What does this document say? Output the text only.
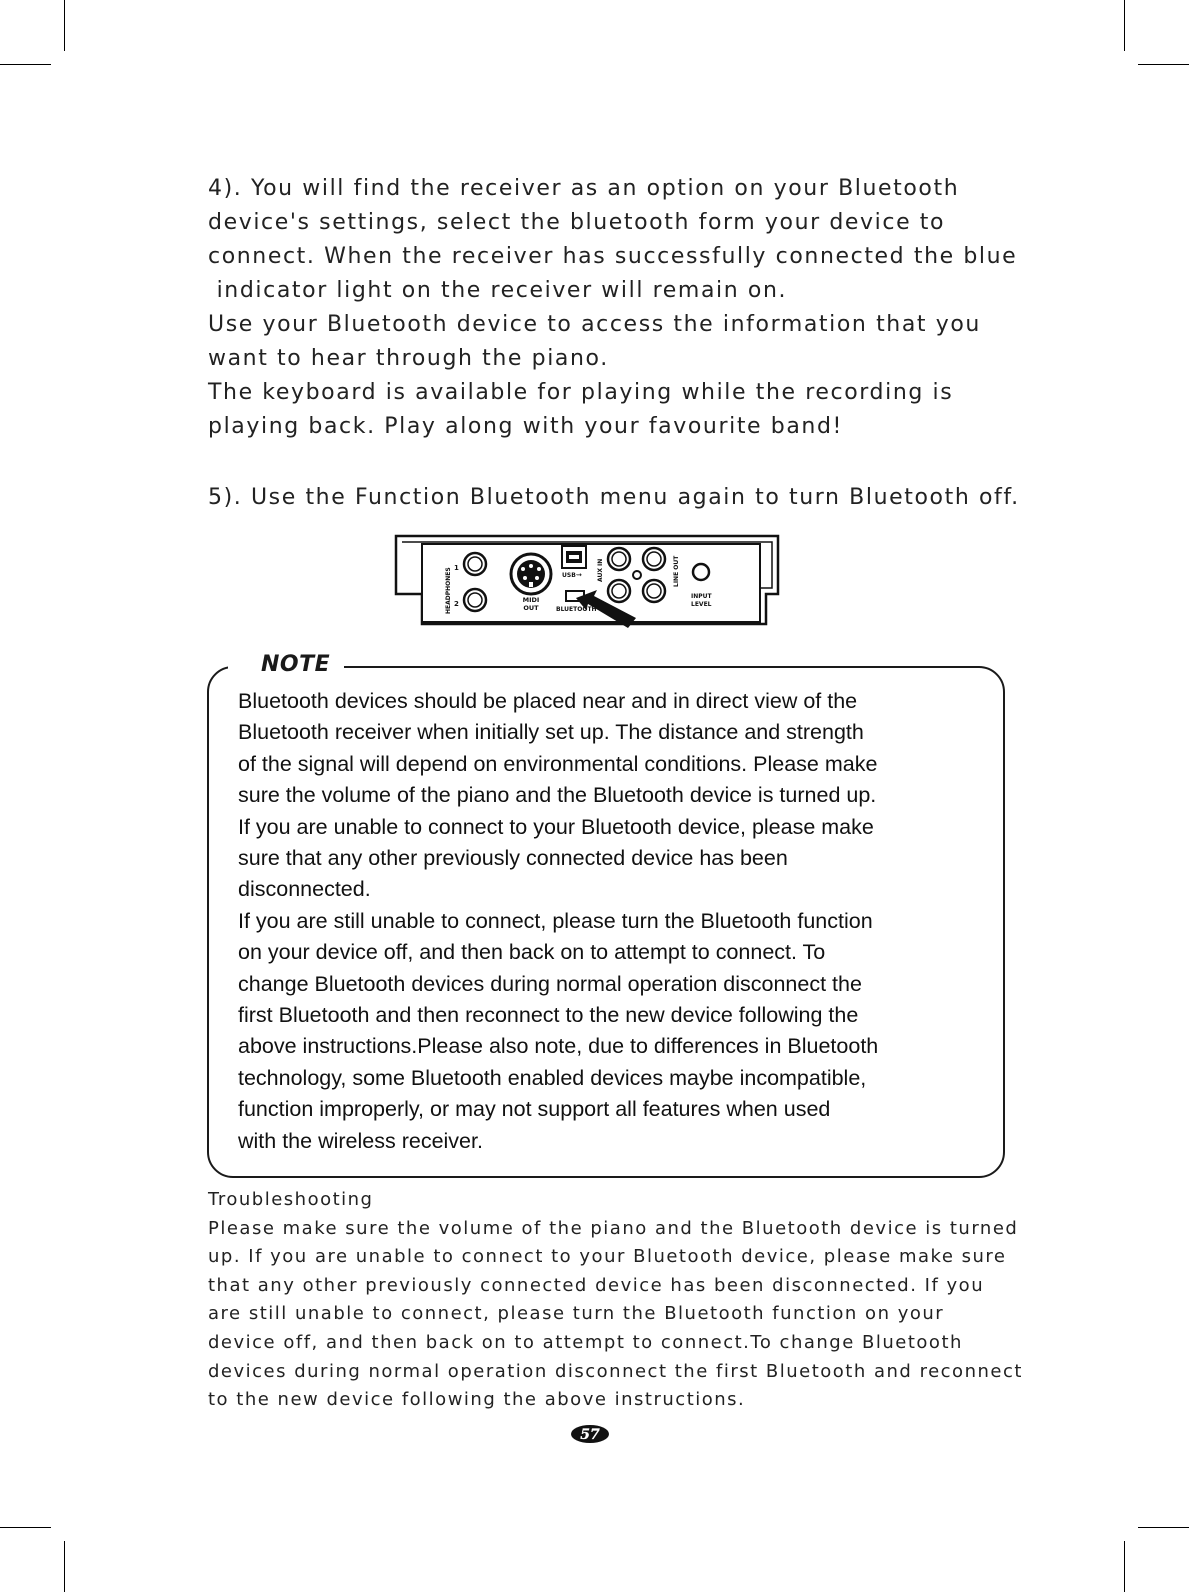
4). You will find the receiver as an option on your Bluetooth
device's settings, select the bluetooth form your device to
connect. When the receiver has successfully connected the blue
indicator light on the receiver will remain on.
Use your Bluetooth device to access the information that you
want to hear through the piano.
The keyboard is available for playing while the recording is
playing back. Play along with your favourite band!
5). Use the Function Bluetooth menu again to turn Bluetooth off.
HEADPHONES 1
2	MIDI
OUT
USB ⇝
BLUETOOTH
AUX IN	LINE OUT
INPUT
LEVEL
NOTE
Bluetooth devices should be placed near and in direct view of the
Bluetooth receiver when initially set up. The distance and strength
of the signal will depend on environmental conditions. Please make
sure the volume of the piano and the Bluetooth device is turned up.
If you are unable to connect to your Bluetooth device, please make
sure that any other previously connected device has been
disconnected.
If you are still unable to connect, please turn the Bluetooth function
on your device off, and then back on to attempt to connect. To
change Bluetooth devices during normal operation disconnect the
first Bluetooth and then reconnect to the new device following the
above instructions.Please also note, due to differences in Bluetooth
technology, some Bluetooth enabled devices maybe incompatible,
function improperly, or may not support all features when used
with the wireless receiver.
Troubleshooting
Please make sure the volume of the piano and the Bluetooth device is turned
up. If you are unable to connect to your Bluetooth device, please make sure
that any other previously connected device has been disconnected. If you
are still unable to connect, please turn the Bluetooth function on your
device off, and then back on to attempt to connect.To change Bluetooth
devices during normal operation disconnect the first Bluetooth and reconnect
to the new device following the above instructions.
57
